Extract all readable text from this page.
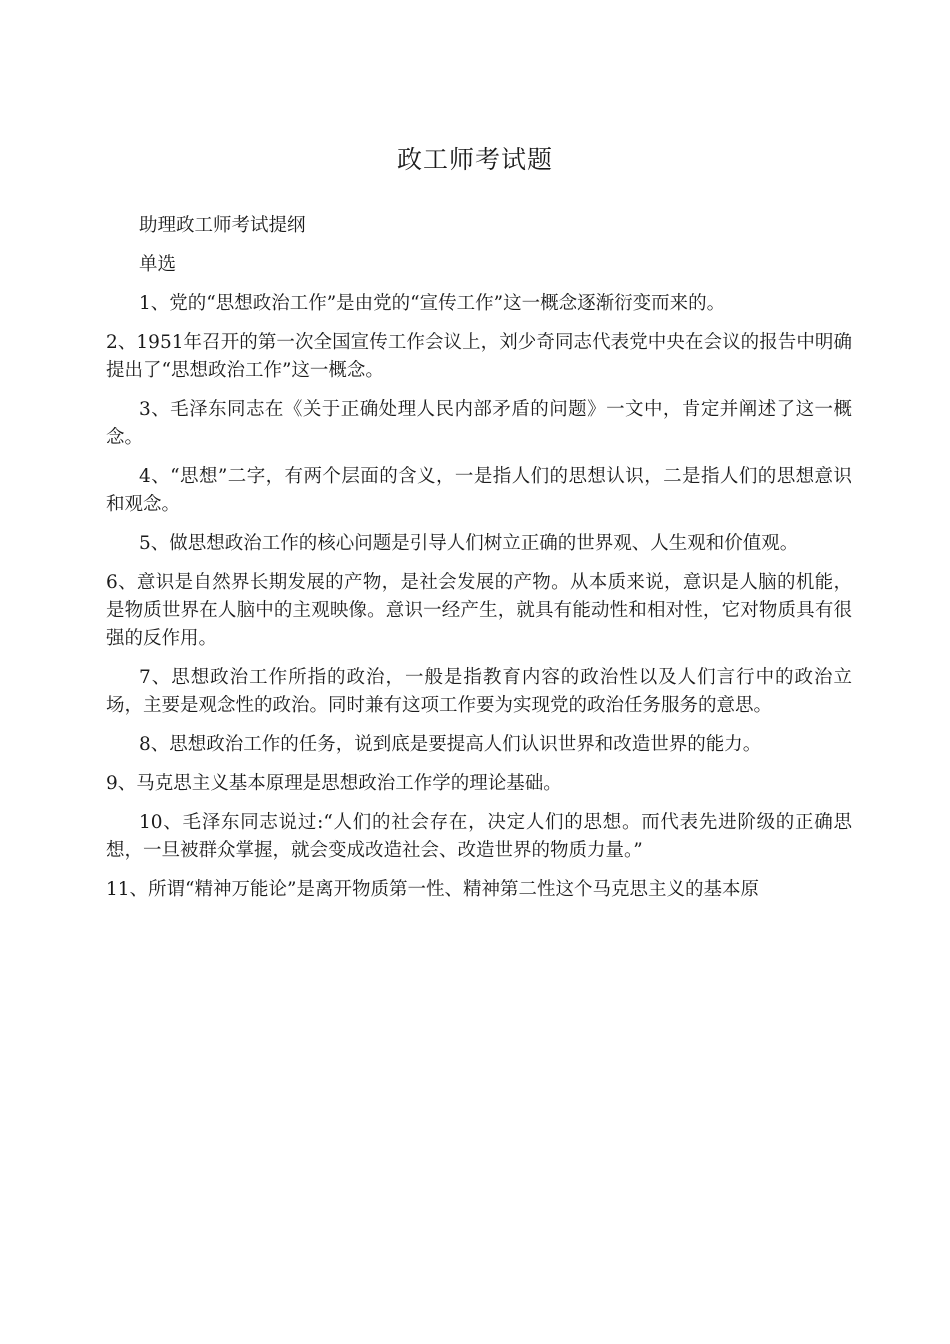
政工师考试题

助理政工师考试提纲

单选

1、党的“思想政治工作”是由党的“宣传工作”这一概念逐渐衍变而来的。

2、1951年召开的第一次全国宣传工作会议上，刘少奇同志代表党中央在会议的报告中明确提出了“思想政治工作”这一概念。

3、毛泽东同志在《关于正确处理人民内部矛盾的问题》一文中，肯定并阐述了这一概念。

4、“思想”二字，有两个层面的含义，一是指人们的思想认识，二是指人们的思想意识和观念。

5、做思想政治工作的核心问题是引导人们树立正确的世界观、人生观和价值观。

6、意识是自然界长期发展的产物，是社会发展的产物。从本质来说，意识是人脑的机能，是物质世界在人脑中的主观映像。意识一经产生，就具有能动性和相对性，它对物质具有很强的反作用。

7、思想政治工作所指的政治，一般是指教育内容的政治性以及人们言行中的政治立场，主要是观念性的政治。同时兼有这项工作要为实现党的政治任务服务的意思。

8、思想政治工作的任务，说到底是要提高人们认识世界和改造世界的能力。

9、马克思主义基本原理是思想政治工作学的理论基础。

10、毛泽东同志说过:“人们的社会存在，决定人们的思想。而代表先进阶级的正确思想，一旦被群众掌握，就会变成改造社会、改造世界的物质力量。”

11、所谓“精神万能论”是离开物质第一性、精神第二性这个马克思主义的基本原
